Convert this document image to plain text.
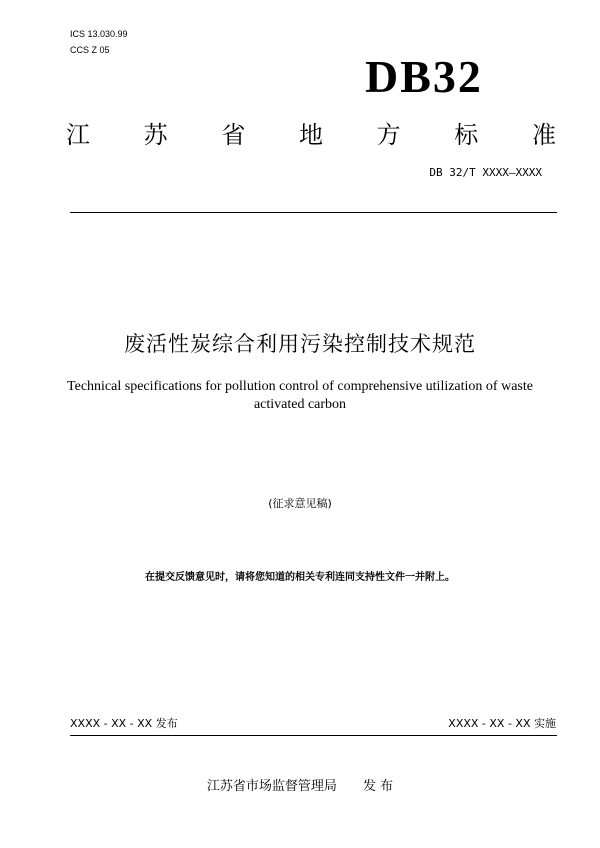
ICS 13.030.99
CCS Z 05
DB32
江 苏 省 地 方 标 准
DB 32/T XXXX—XXXX
废活性炭综合利用污染控制技术规范
Technical specifications for pollution control of comprehensive utilization of waste activated carbon
(征求意见稿)
在提交反馈意见时，请将您知道的相关专利连同支持性文件一并附上。
XXXX - XX - XX 发布	XXXX - XX - XX 实施
江苏省市场监督管理局 发 布
